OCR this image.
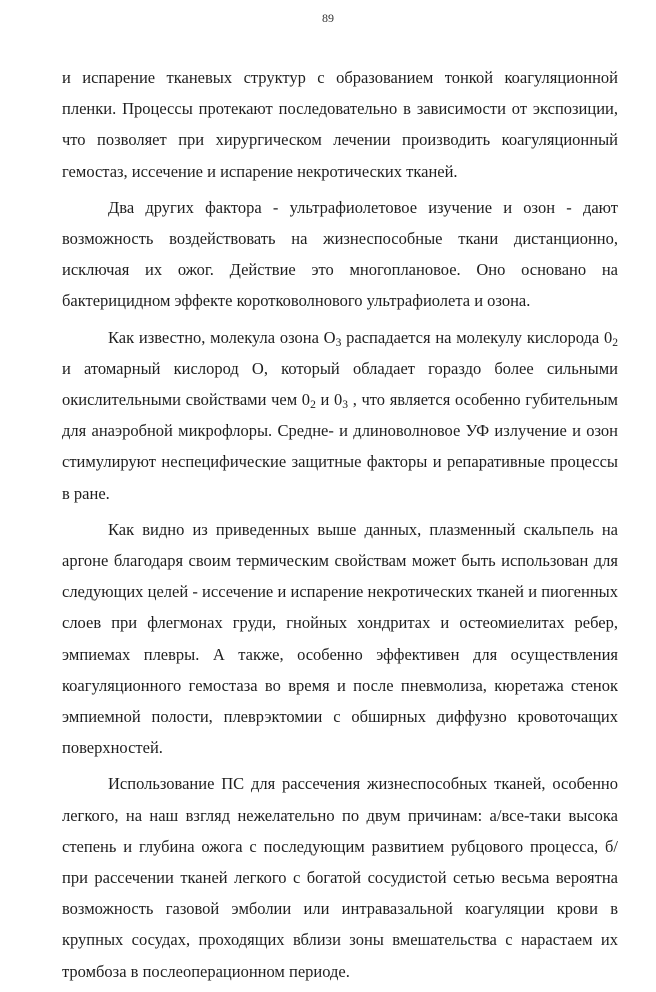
89

и испарение тканевых структур с образованием тонкой коагуляционной пленки. Процессы протекают последовательно в зависимости от экспозиции, что позволяет при хирургическом лечении производить коагуляционный гемостаз, иссечение и испарение некротических тканей.

Два других фактора - ультрафиолетовое изучение и озон - дают возможность воздействовать на жизнеспособные ткани дистанционно, исключая их ожог. Действие это многоплановое. Оно основано на бактерицидном эффекте коротковолнового ультрафиолета и озона.

Как известно, молекула озона $О_3$ распадается на молекулу кислорода $0_2$ и атомарный кислород О, который обладает гораздо более сильными окислительными свойствами чем $0_2$ и $0_3$ , что является особенно губительным для анаэробной микрофлоры. Средне- и длиноволновое УФ излучение и озон стимулируют неспецифические защитные факторы и репаративные процессы в ране.

Как видно из приведенных выше данных, плазменный скальпель на аргоне благодаря своим термическим свойствам может быть использован для следующих целей - иссечение и испарение некротических тканей и пиогенных слоев при флегмонах груди, гнойных хондритах и остеомиелитах ребер, эмпиемах плевры. А также, особенно эффективен для осуществления коагуляционного гемостаза во время и после пневмолиза, кюретажа стенок эмпиемной полости, плеврэктомии с обширных диффузно кровоточащих поверхностей.

Использование ПС для рассечения жизнеспособных тканей, особенно легкого, на наш взгляд нежелательно по двум причинам: а/все-таки высока степень и глубина ожога с последующим развитием рубцового процесса, б/при рассечении тканей легкого с богатой сосудистой сетью весьма вероятна возможность газовой эмболии или интравазальной коагуляции крови в крупных сосудах, проходящих вблизи зоны вмешательства с нарастаем их тромбоза в послеоперационном периоде.
